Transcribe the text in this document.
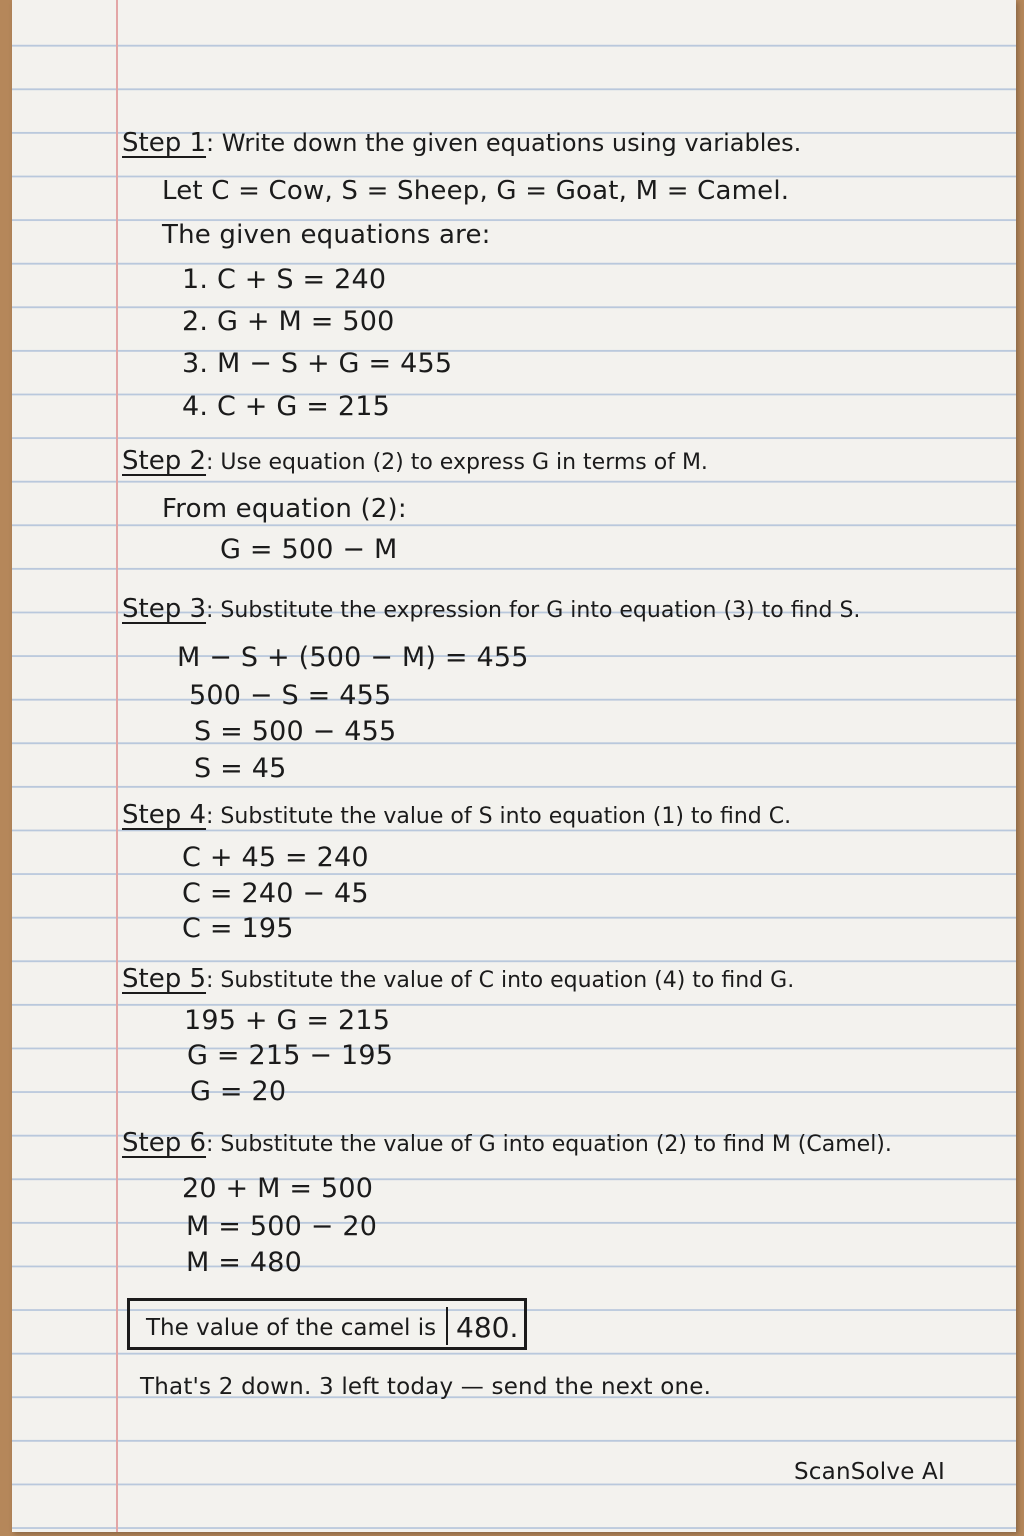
Step 1: Write down the given equations using variables.
Let C = Cow, S = Sheep, G = Goat, M = Camel.
The given equations are:
1. C + S = 240
2. G + M = 500
3. M − S + G = 455
4. C + G = 215
Step 2: Use equation (2) to express G in terms of M.
From equation (2):
G = 500 − M
Step 3: Substitute the expression for G into equation (3) to find S.
M − S + (500 − M) = 455
500 − S = 455
S = 500 − 455
S = 45
Step 4: Substitute the value of S into equation (1) to find C.
C + 45 = 240
C = 240 − 45
C = 195
Step 5: Substitute the value of C into equation (4) to find G.
195 + G = 215
G = 215 − 195
G = 20
Step 6: Substitute the value of G into equation (2) to find M (Camel).
20 + M = 500
M = 500 − 20
M = 480
The value of the camel is 480.
That's 2 down. 3 left today — send the next one.
ScanSolve AI
